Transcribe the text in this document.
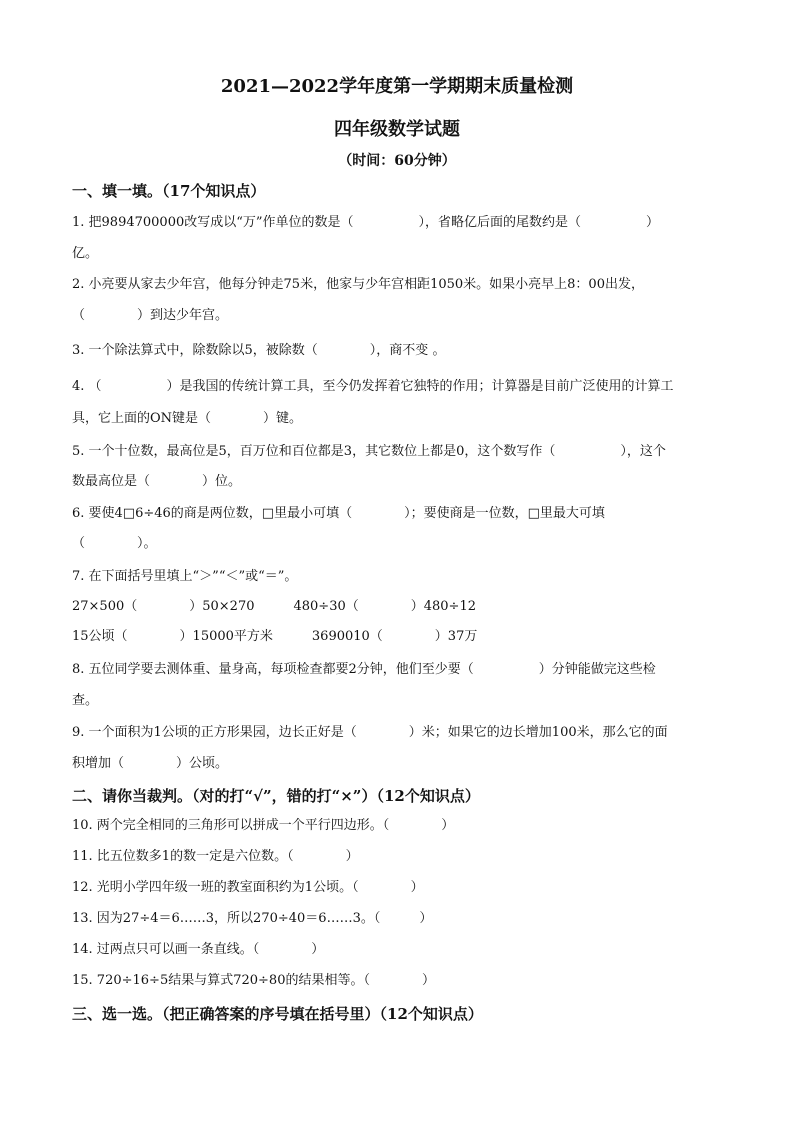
2021—2022学年度第一学期期末质量检测
四年级数学试题
（时间：60分钟）
一、填一填。（17个知识点）
1. 把9894700000改写成以“万”作单位的数是（　　　　　），省略亿后面的尾数约是（　　　　　）
亿。
2. 小亮要从家去少年宫，他每分钟走75米，他家与少年宫相距1050米。如果小亮早上8：00出发，
（　　　　）到达少年宫。
3. 一个除法算式中，除数除以5，被除数（　　　　），商不变 。
4. （　　　　　）是我国的传统计算工具，至今仍发挥着它独特的作用；计算器是目前广泛使用的计算工
具，它上面的ON键是（　　　　）键。
5. 一个十位数，最高位是5，百万位和百位都是3，其它数位上都是0，这个数写作（　　　　　），这个
数最高位是（　　　　）位。
6. 要使4□6÷46的商是两位数，□里最小可填（　　　　）；要使商是一位数，□里最大可填
（　　　　）。
7. 在下面括号里填上“＞”“＜”或“＝”。
27×500（　　　　）50×270　　　480÷30（　　　　）480÷12
15公顷（　　　　）15000平方米　　　3690010（　　　　）37万
8. 五位同学要去测体重、量身高，每项检查都要2分钟，他们至少要（　　　　　）分钟能做完这些检
查。
9. 一个面积为1公顷的正方形果园，边长正好是（　　　　）米；如果它的边长增加100米，那么它的面
积增加（　　　　）公顷。
二、请你当裁判。（对的打“√”，错的打“×”）（12个知识点）
10. 两个完全相同的三角形可以拼成一个平行四边形。（　　　　）
11. 比五位数多1的数一定是六位数。（　　　　）
12. 光明小学四年级一班的教室面积约为1公顷。（　　　　）
13. 因为27÷4＝6……3，所以270÷40＝6……3。（　　　）
14. 过两点只可以画一条直线。（　　　　）
15. 720÷16÷5结果与算式720÷80的结果相等。（　　　　）
三、选一选。（把正确答案的序号填在括号里）（12个知识点）
